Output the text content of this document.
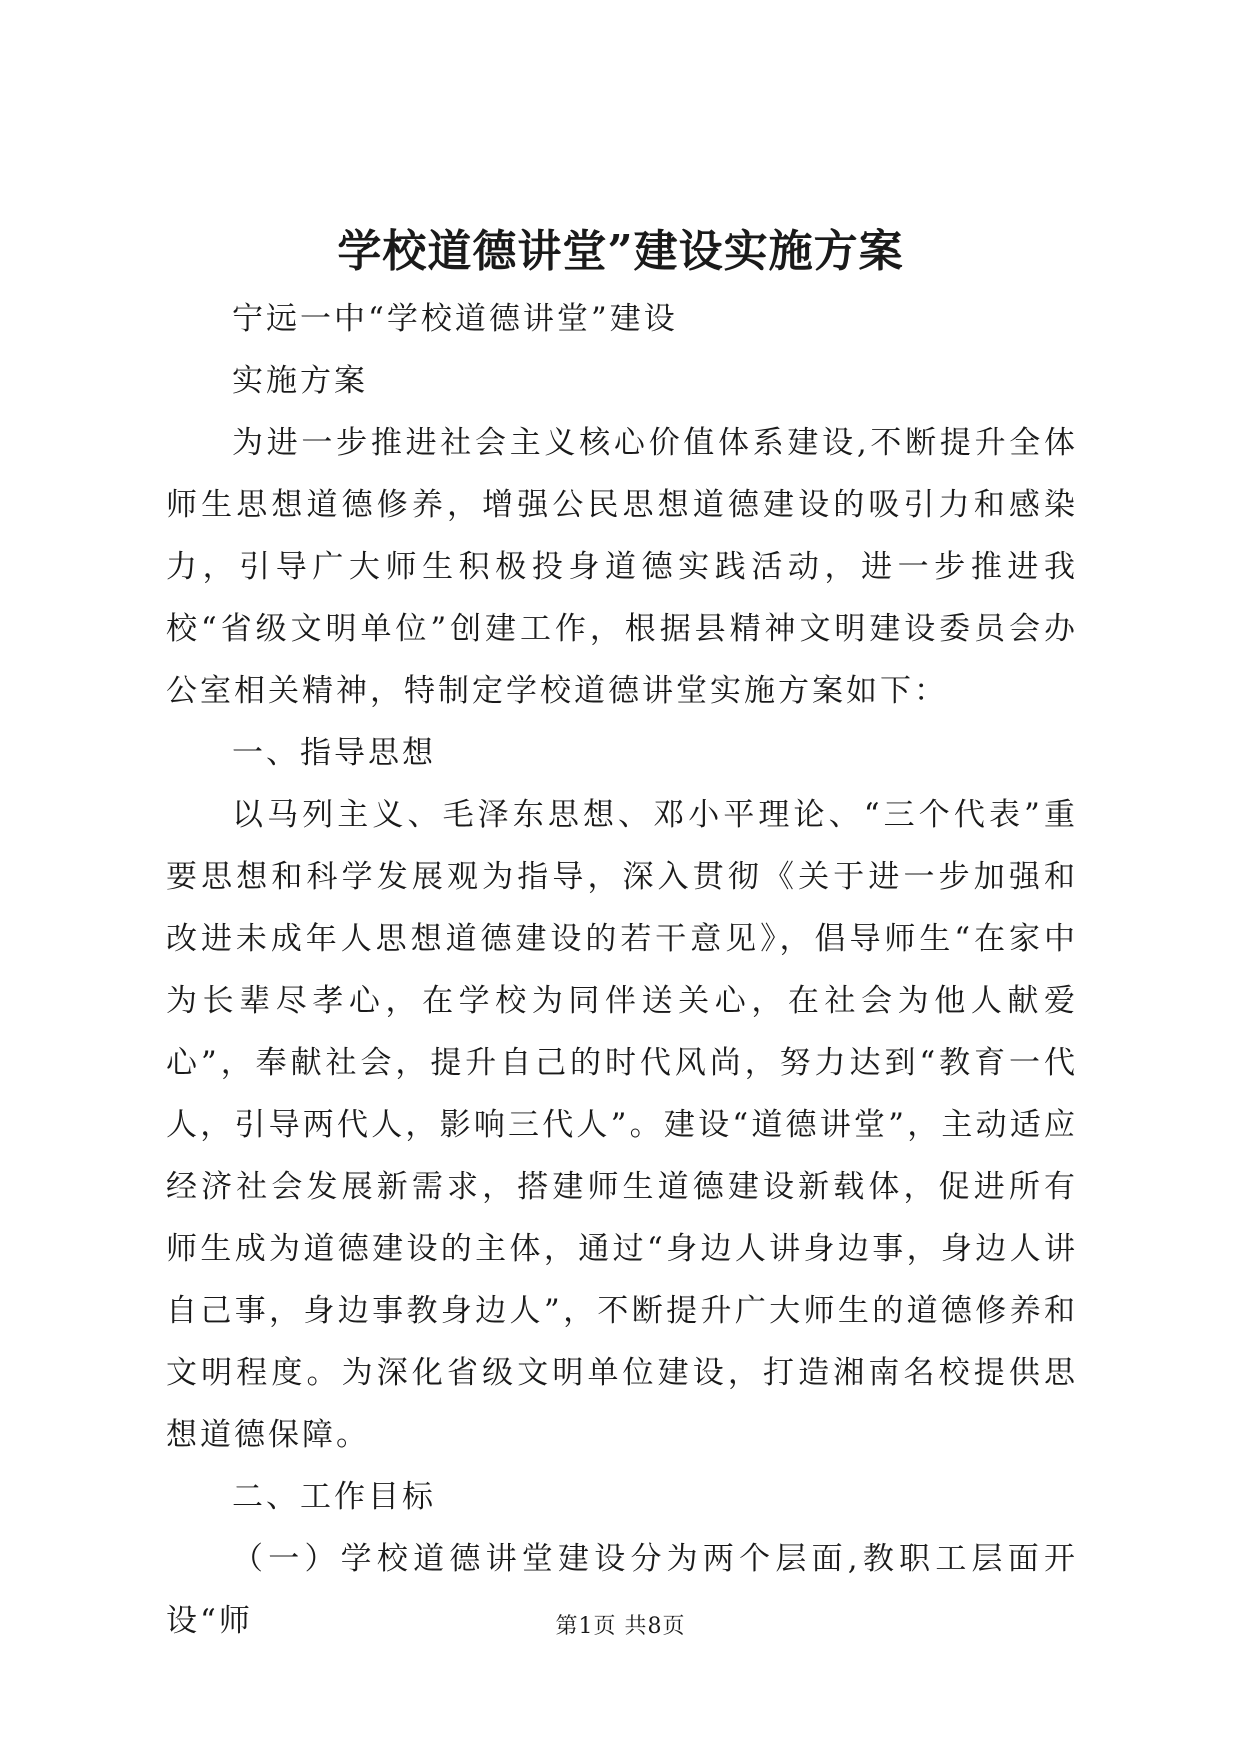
学校道德讲堂”建设实施方案

宁远一中“学校道德讲堂”建设

实施方案

为进一步推进社会主义核心价值体系建设,不断提升全体师生思想道德修养，增强公民思想道德建设的吸引力和感染力，引导广大师生积极投身道德实践活动，进一步推进我校“省级文明单位”创建工作，根据县精神文明建设委员会办公室相关精神，特制定学校道德讲堂实施方案如下：

一、指导思想

以马列主义、毛泽东思想、邓小平理论、“三个代表”重要思想和科学发展观为指导，深入贯彻《关于进一步加强和改进未成年人思想道德建设的若干意见》，倡导师生“在家中为长辈尽孝心，在学校为同伴送关心，在社会为他人献爱心”，奉献社会，提升自己的时代风尚，努力达到“教育一代人，引导两代人，影响三代人”。建设“道德讲堂”，主动适应经济社会发展新需求，搭建师生道德建设新载体，促进所有师生成为道德建设的主体，通过“身边人讲身边事，身边人讲自己事，身边事教身边人”，不断提升广大师生的道德修养和文明程度。为深化省级文明单位建设，打造湘南名校提供思想道德保障。

二、工作目标

（一）学校道德讲堂建设分为两个层面,教职工层面开设“师	第1页 共8页
